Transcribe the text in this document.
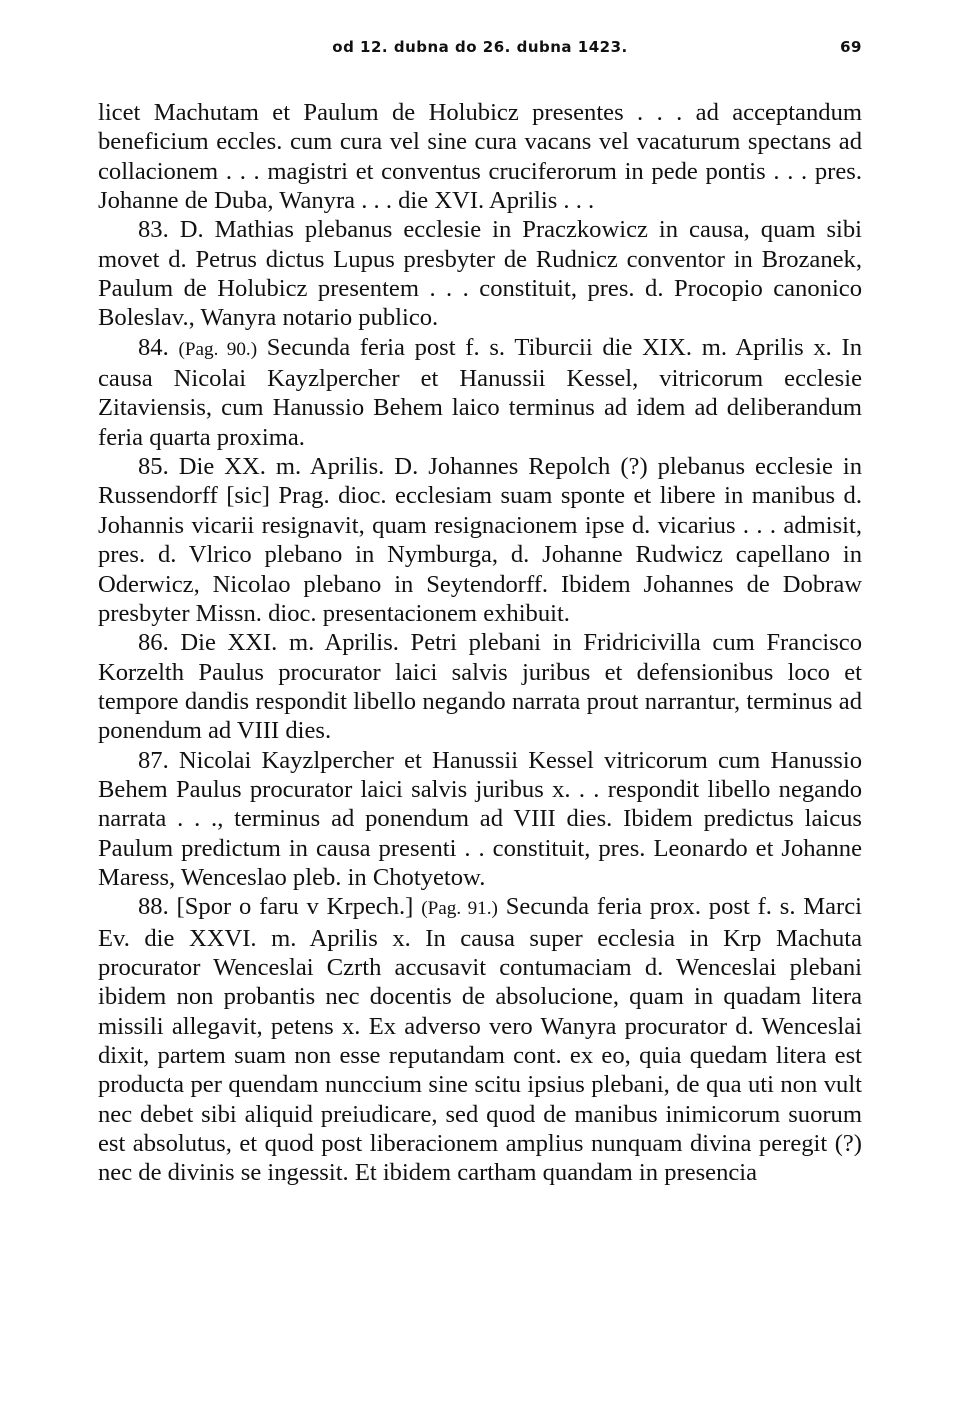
od 12. dubna do 26. dubna 1423.	69

licet Machutam et Paulum de Holubicz presentes . . . ad acceptandum beneficium eccles. cum cura vel sine cura vacans vel vacaturum spectans ad collacionem . . . magistri et conventus cruciferorum in pede pontis . . . pres. Johanne de Duba, Wanyra . . . die XVI. Aprilis . . .

83. D. Mathias plebanus ecclesie in Praczkowicz in causa, quam sibi movet d. Petrus dictus Lupus presbyter de Rudnicz conventor in Brozanek, Paulum de Holubicz presentem . . . constituit, pres. d. Procopio canonico Boleslav., Wanyra notario publico.

84. (Pag. 90.) Secunda feria post f. s. Tiburcii die XIX. m. Aprilis x. In causa Nicolai Kayzlpercher et Hanussii Kessel, vitricorum ecclesie Zitaviensis, cum Hanussio Behem laico terminus ad idem ad deliberandum feria quarta proxima.

85. Die XX. m. Aprilis. D. Johannes Repolch (?) plebanus ecclesie in Russendorff [sic] Prag. dioc. ecclesiam suam sponte et libere in manibus d. Johannis vicarii resignavit, quam resignacionem ipse d. vicarius . . . admisit, pres. d. Vlrico plebano in Nymburga, d. Johanne Rudwicz capellano in Oderwicz, Nicolao plebano in Seytendorff. Ibidem Johannes de Dobraw presbyter Missn. dioc. presentacionem exhibuit.

86. Die XXI. m. Aprilis. Petri plebani in Fridricivilla cum Francisco Korzelth Paulus procurator laici salvis juribus et defensionibus loco et tempore dandis respondit libello negando narrata prout narrantur, terminus ad ponendum ad VIII dies.

87. Nicolai Kayzlpercher et Hanussii Kessel vitricorum cum Hanussio Behem Paulus procurator laici salvis juribus x. . . respondit libello negando narrata . . ., terminus ad ponendum ad VIII dies. Ibidem predictus laicus Paulum predictum in causa presenti . . constituit, pres. Leonardo et Johanne Maress, Wenceslao pleb. in Chotyetow.

88. [Spor o faru v Krpech.] (Pag. 91.) Secunda feria prox. post f. s. Marci Ev. die XXVI. m. Aprilis x. In causa super ecclesia in Krp Machuta procurator Wenceslai Czrth accusavit contumaciam d. Wenceslai plebani ibidem non probantis nec docentis de absolucione, quam in quadam litera missili allegavit, petens x. Ex adverso vero Wanyra procurator d. Wenceslai dixit, partem suam non esse reputandam cont. ex eo, quia quedam litera est producta per quendam nunccium sine scitu ipsius plebani, de qua uti non vult nec debet sibi aliquid preiudicare, sed quod de manibus inimicorum suorum est absolutus, et quod post liberacionem amplius nunquam divina peregit (?) nec de divinis se ingessit. Et ibidem cartham quandam in presencia
